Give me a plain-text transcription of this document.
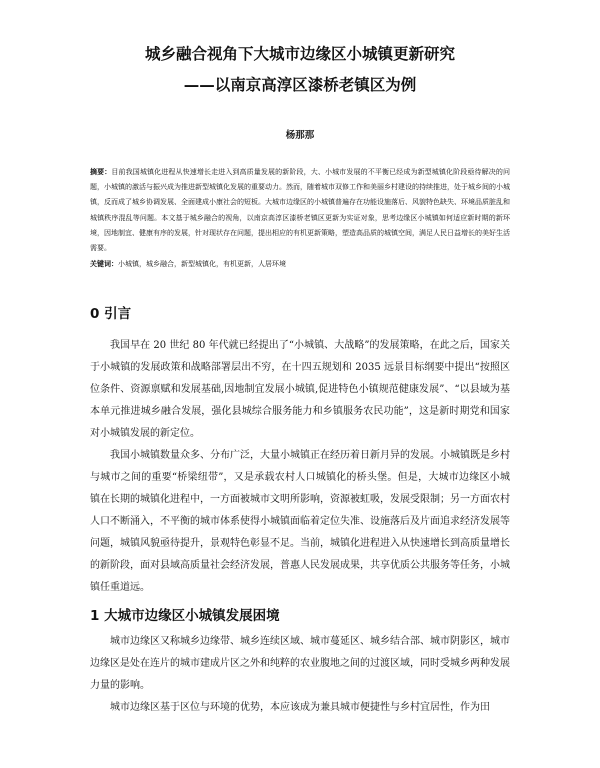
城乡融合视角下大城市边缘区小城镇更新研究
——以南京高淳区漆桥老镇区为例
杨那那
摘要：目前我国城镇化进程从快速增长走进入到高质量发展的新阶段，大、小城市发展的不平衡已经成为新型城镇化阶段亟待解决的问题，小城镇的激活与振兴成为推进新型城镇化发展的重要动力。然而，随着城市双修工作和美丽乡村建设的持续推进，处于城乡间的小城镇，反而成了城乡协调发展、全面建成小康社会的短板。大城市边缘区的小城镇普遍存在功能设施落后、风貌特色缺失、环境品质脏乱和城镇秩序混乱等问题。本文基于城乡融合的视角，以南京高淳区漆桥老镇区更新为实证对象，思考边缘区小城镇如何适应新时期的新环境，因地制宜、健康有序的发展，针对现状存在问题，提出相应的有机更新策略，塑造高品质的城镇空间，满足人民日益增长的美好生活需要。
关键词：小城镇，城乡融合，新型城镇化，有机更新，人居环境
0 引言

我国早在 20 世纪 80 年代就已经提出了“小城镇、大战略”的发展策略，在此之后，国家关于小城镇的发展政策和战略部署层出不穷，在十四五规划和 2035 远景目标纲要中提出“按照区位条件、资源禀赋和发展基础,因地制宜发展小城镇,促进特色小镇规范健康发展”、“以县域为基本单元推进城乡融合发展，强化县城综合服务能力和乡镇服务农民功能”，这是新时期党和国家对小城镇发展的新定位。

我国小城镇数量众多、分布广泛，大量小城镇正在经历着日新月异的发展。小城镇既是乡村与城市之间的重要“桥梁纽带”，又是承载农村人口城镇化的桥头堡。但是，大城市边缘区小城镇在长期的城镇化进程中，一方面被城市文明所影响，资源被虹吸，发展受限制；另一方面农村人口不断涌入，不平衡的城市体系使得小城镇面临着定位失准、设施落后及片面追求经济发展等问题，城镇风貌亟待提升，景观特色彰显不足。当前，城镇化进程进入从快速增长到高质量增长的新阶段，面对县域高质量社会经济发展，普惠人民发展成果，共享优质公共服务等任务，小城镇任重道远。

1 大城市边缘区小城镇发展困境

城市边缘区又称城乡边缘带、城乡连续区域、城市蔓延区、城乡结合部、城市阴影区，城市边缘区是处在连片的城市建成片区之外和纯粹的农业腹地之间的过渡区域，同时受城乡两种发展力量的影响。

城市边缘区基于区位与环境的优势，本应该成为兼具城市便捷性与乡村宜居性，作为田
